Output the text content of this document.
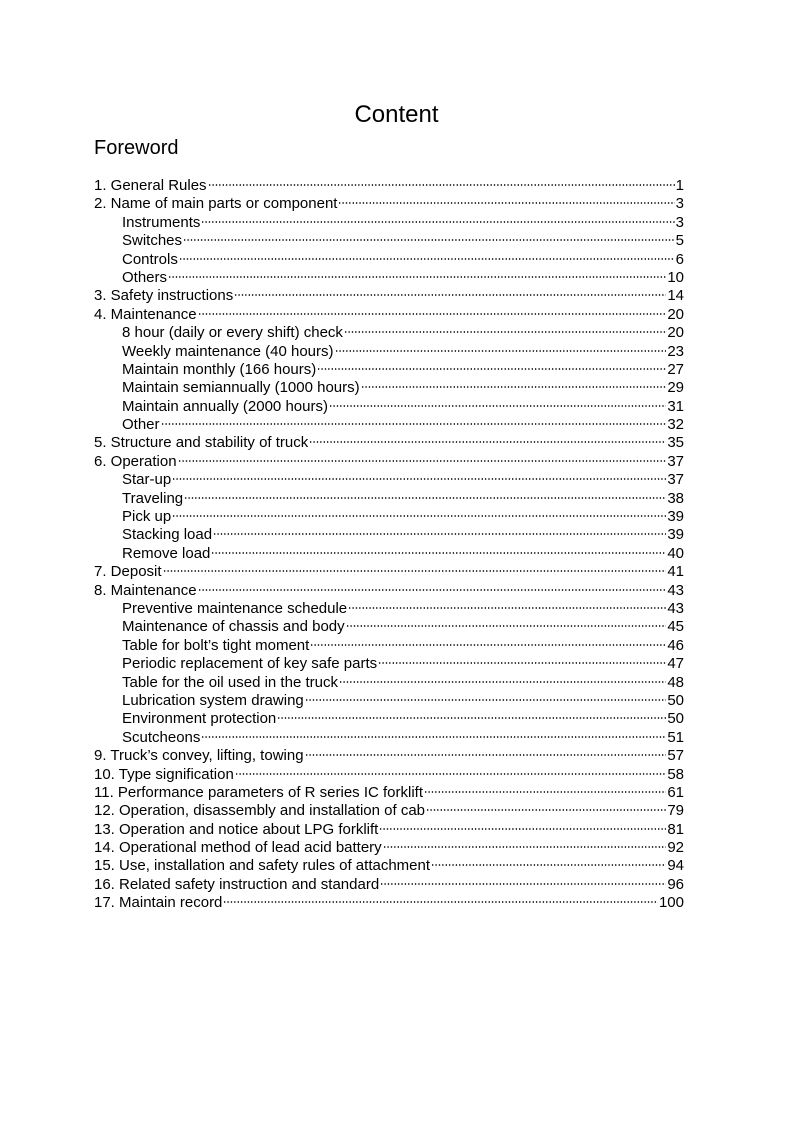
Content
Foreword
1. General Rules	1
2. Name of main parts or component	3
Instruments	3
Switches	5
Controls	6
Others	10
3. Safety instructions	14
4. Maintenance	20
8 hour (daily or every shift) check	20
Weekly maintenance (40 hours)	23
Maintain monthly (166 hours)	27
Maintain semiannually (1000 hours)	29
Maintain annually (2000 hours)	31
Other	32
5. Structure and stability of truck	35
6. Operation	37
Star-up	37
Traveling	38
Pick up	39
Stacking load	39
Remove load	40
7. Deposit	41
8. Maintenance	43
Preventive maintenance schedule	43
Maintenance of chassis and body	45
Table for bolt’s tight moment	46
Periodic replacement of key safe parts	47
Table for the oil used in the truck	48
Lubrication system drawing	50
Environment protection	50
Scutcheons	51
9. Truck’s convey, lifting, towing	57
10. Type signification	58
11. Performance parameters of R series IC forklift	61
12. Operation, disassembly and installation of cab	79
13. Operation and notice about LPG forklift	81
14. Operational method of lead acid battery	92
15. Use, installation and safety rules of attachment	94
16. Related safety instruction and standard	96
17. Maintain record	100
